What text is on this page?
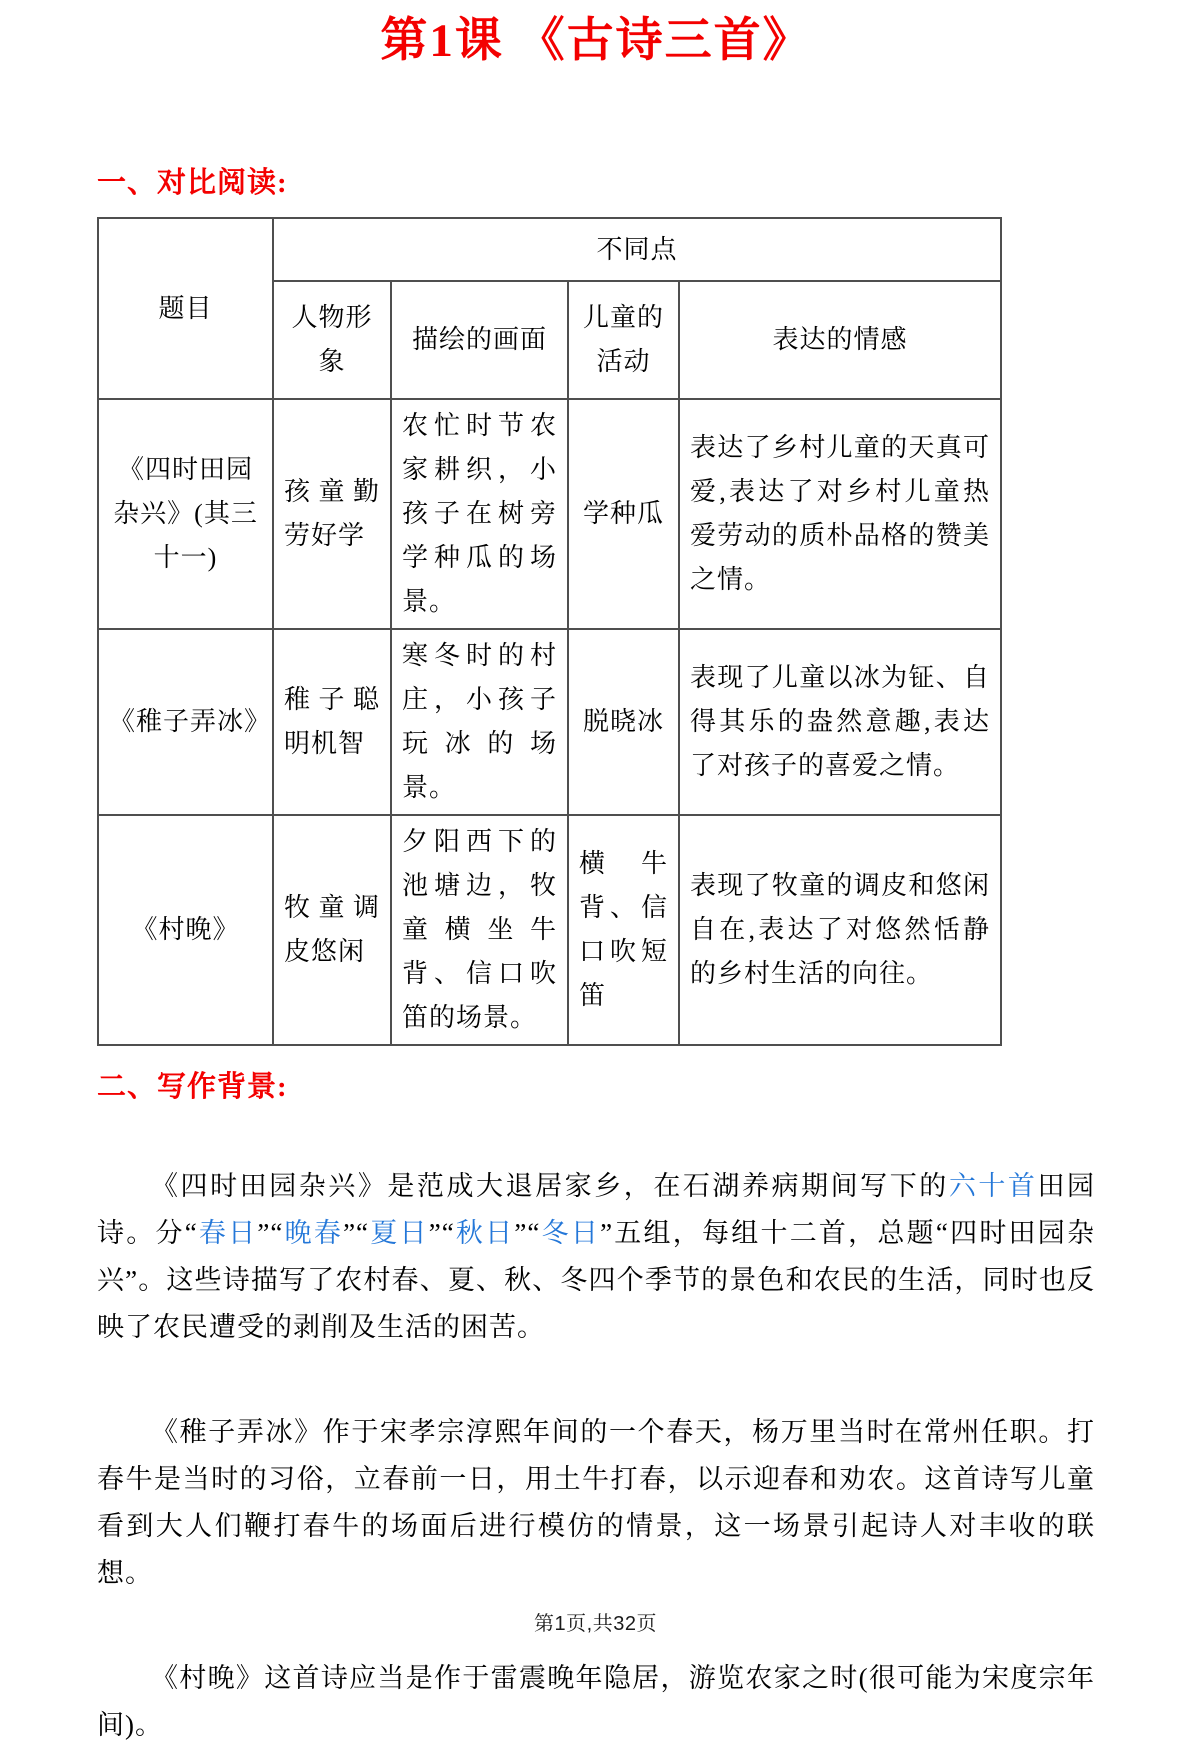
第1课 《古诗三首》
一、对比阅读:
题目	不同点			
	人物形象	描绘的画面	儿童的活动	表达的情感
《四时田园杂兴》(其三十一)	孩童勤劳好学	农忙时节农家耕织，小孩子在树旁学种瓜的场景。	学种瓜	表达了乡村儿童的天真可爱,表达了对乡村儿童热爱劳动的质朴品格的赞美之情。
《稚子弄冰》	稚子聪明机智	寒冬时的村庄，小孩子玩冰的场景。	脱晓冰	表现了儿童以冰为钲、自得其乐的盎然意趣,表达了对孩子的喜爱之情。
《村晚》	牧童调皮悠闲	夕阳西下的池塘边，牧童横坐牛背、信口吹笛的场景。	横牛背、信口吹短笛	表现了牧童的调皮和悠闲自在,表达了对悠然恬静的乡村生活的向往。
二、写作背景:

《四时田园杂兴》是范成大退居家乡，在石湖养病期间写下的六十首田园诗。分“春日”“晚春”“夏日”“秋日”“冬日”五组，每组十二首，总题“四时田园杂兴”。这些诗描写了农村春、夏、秋、冬四个季节的景色和农民的生活，同时也反映了农民遭受的剥削及生活的困苦。

《稚子弄冰》作于宋孝宗淳熙年间的一个春天，杨万里当时在常州任职。打春牛是当时的习俗，立春前一日，用土牛打春，以示迎春和劝农。这首诗写儿童看到大人们鞭打春牛的场面后进行模仿的情景，这一场景引起诗人对丰收的联想。

《村晚》这首诗应当是作于雷震晚年隐居，游览农家之时(很可能为宋度宗年间)。

第1页,共32页
